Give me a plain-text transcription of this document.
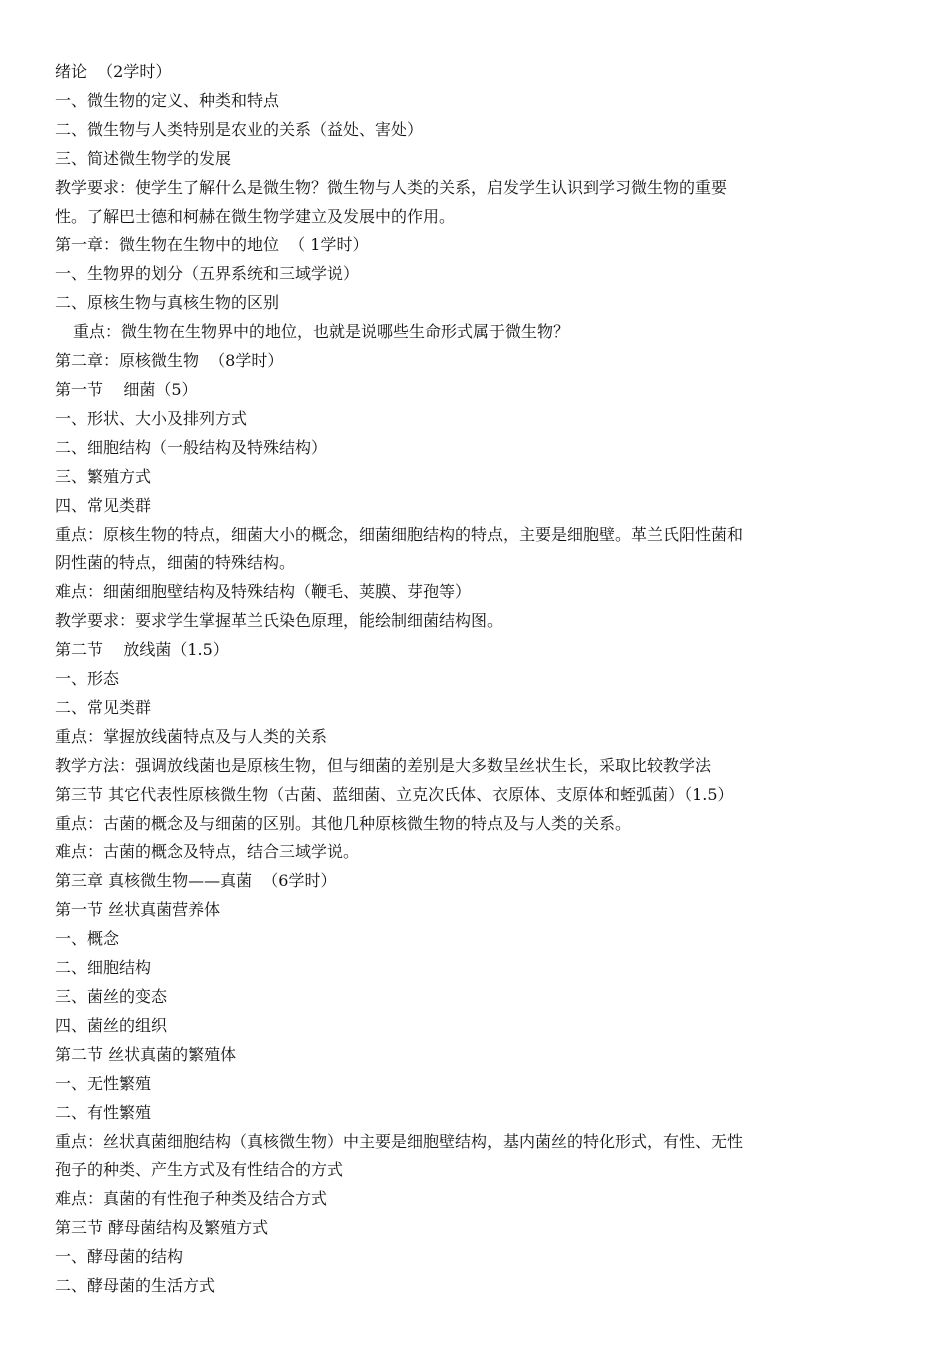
绪论  （2学时）

一、微生物的定义、种类和特点

二、微生物与人类特别是农业的关系（益处、害处）

三、简述微生物学的发展

教学要求：使学生了解什么是微生物？微生物与人类的关系，启发学生认识到学习微生物的重要

性。了解巴士德和柯赫在微生物学建立及发展中的作用。

第一章：微生物在生物中的地位  （ 1学时）

一、生物界的划分（五界系统和三域学说）

二、原核生物与真核生物的区别

重点：微生物在生物界中的地位，也就是说哪些生命形式属于微生物？

第二章：原核微生物  （8学时）

第一节    细菌（5）

一、形状、大小及排列方式

二、细胞结构（一般结构及特殊结构）

三、繁殖方式

四、常见类群

重点：原核生物的特点，细菌大小的概念，细菌细胞结构的特点，主要是细胞壁。革兰氏阳性菌和

阴性菌的特点，细菌的特殊结构。

难点：细菌细胞壁结构及特殊结构（鞭毛、荚膜、芽孢等）

教学要求：要求学生掌握革兰氏染色原理，能绘制细菌结构图。

第二节    放线菌（1.5）

一、形态

二、常见类群

重点：掌握放线菌特点及与人类的关系

教学方法：强调放线菌也是原核生物，但与细菌的差别是大多数呈丝状生长，采取比较教学法

第三节 其它代表性原核微生物（古菌、蓝细菌、立克次氏体、衣原体、支原体和蛭弧菌）（1.5）

重点：古菌的概念及与细菌的区别。其他几种原核微生物的特点及与人类的关系。

难点：古菌的概念及特点，结合三域学说。

第三章 真核微生物——真菌  （6学时）

第一节 丝状真菌营养体

一、概念

二、细胞结构

三、菌丝的变态

四、菌丝的组织

第二节 丝状真菌的繁殖体

一、无性繁殖

二、有性繁殖

重点：丝状真菌细胞结构（真核微生物）中主要是细胞壁结构，基内菌丝的特化形式，有性、无性

孢子的种类、产生方式及有性结合的方式

难点：真菌的有性孢子种类及结合方式

第三节 酵母菌结构及繁殖方式

一、酵母菌的结构

二、酵母菌的生活方式
